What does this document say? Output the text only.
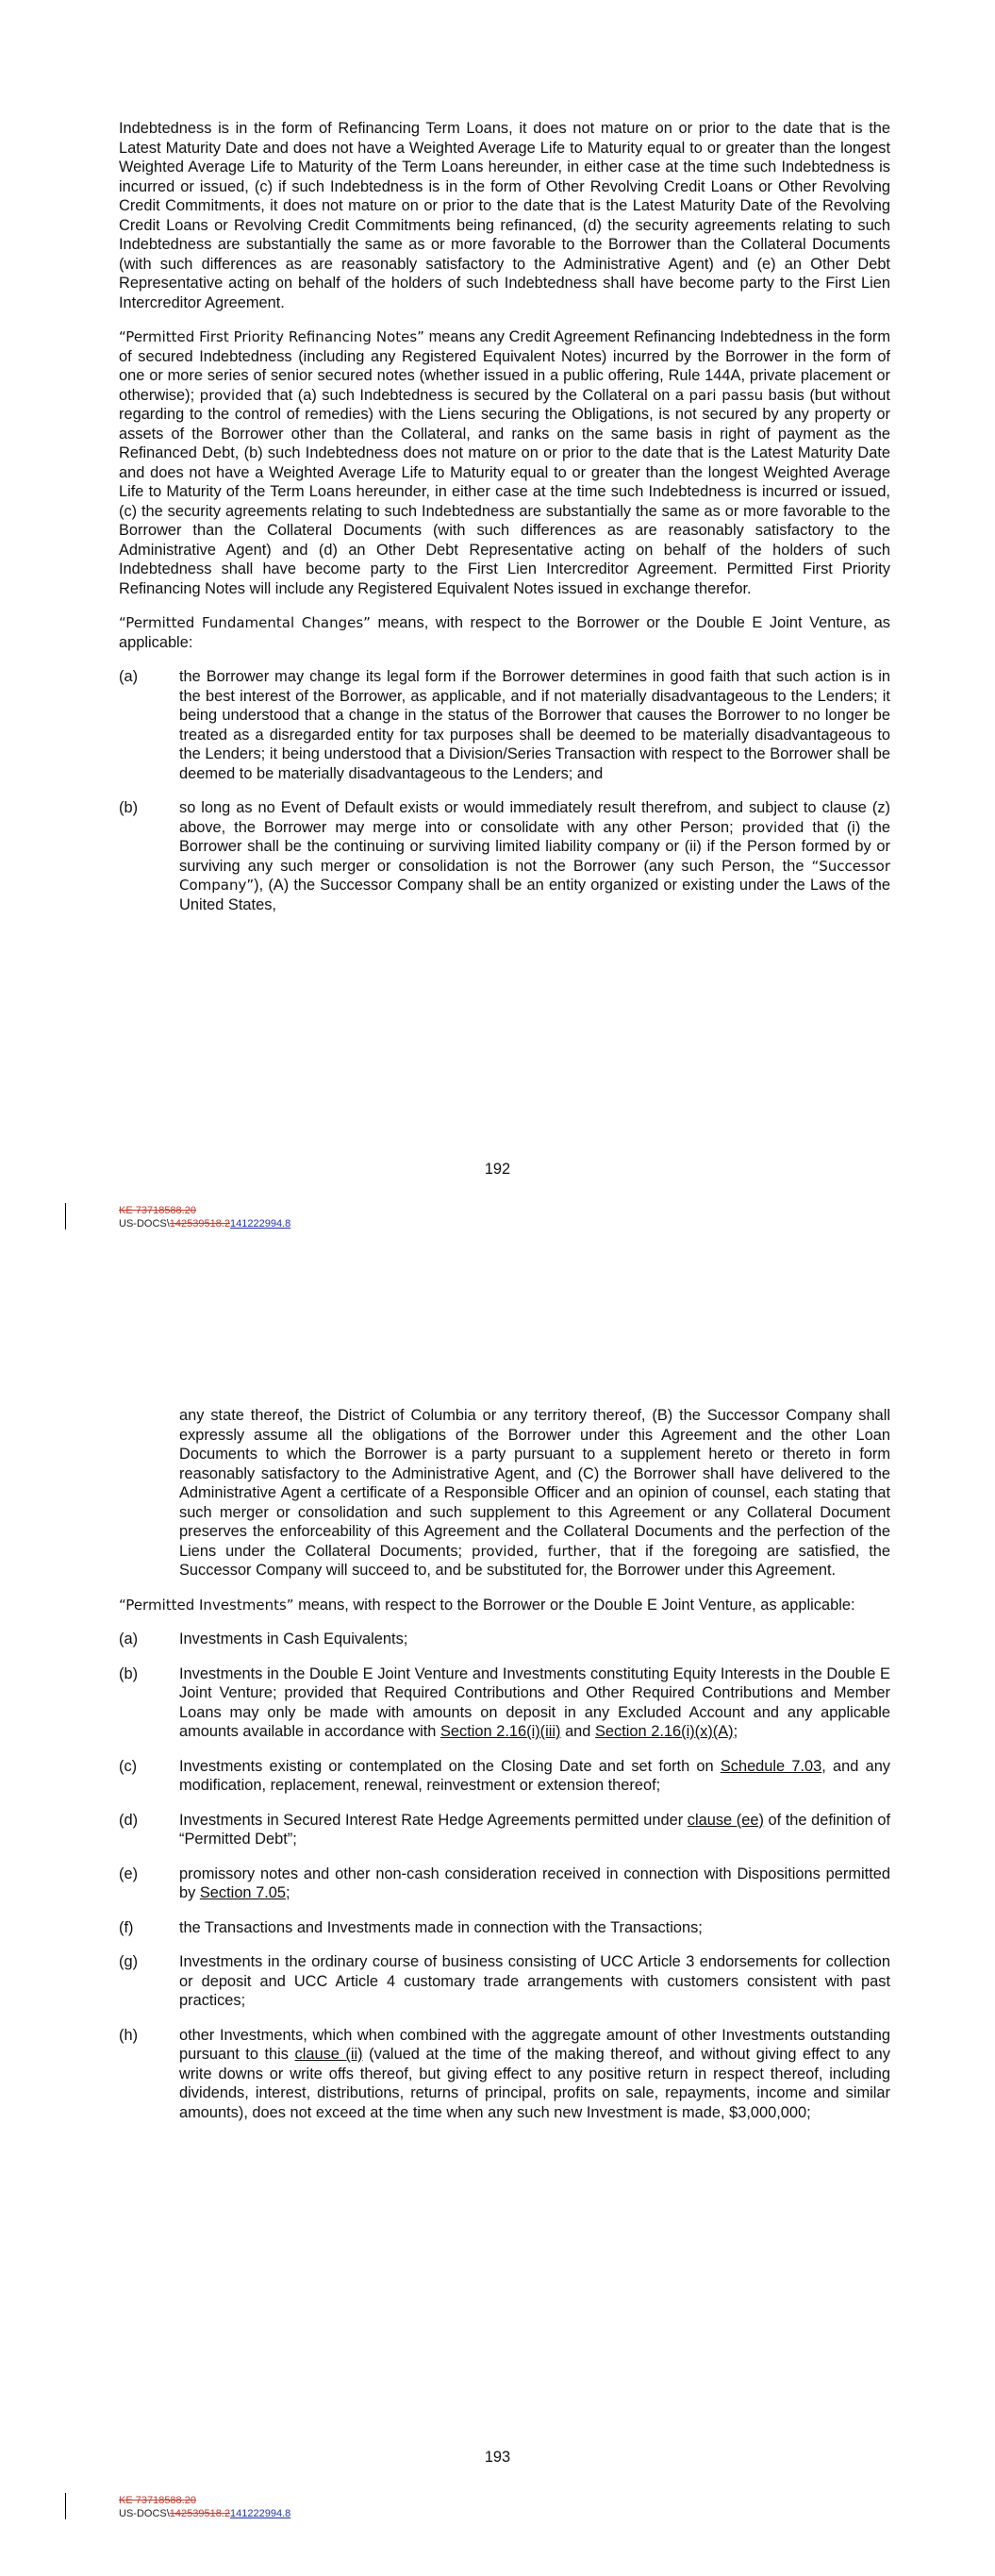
Indebtedness is in the form of Refinancing Term Loans, it does not mature on or prior to the date that is the Latest Maturity Date and does not have a Weighted Average Life to Maturity equal to or greater than the longest Weighted Average Life to Maturity of the Term Loans hereunder, in either case at the time such Indebtedness is incurred or issued, (c) if such Indebtedness is in the form of Other Revolving Credit Loans or Other Revolving Credit Commitments, it does not mature on or prior to the date that is the Latest Maturity Date of the Revolving Credit Loans or Revolving Credit Commitments being refinanced, (d) the security agreements relating to such Indebtedness are substantially the same as or more favorable to the Borrower than the Collateral Documents (with such differences as are reasonably satisfactory to the Administrative Agent) and (e) an Other Debt Representative acting on behalf of the holders of such Indebtedness shall have become party to the First Lien Intercreditor Agreement.

“Permitted First Priority Refinancing Notes” means any Credit Agreement Refinancing Indebtedness in the form of secured Indebtedness (including any Registered Equivalent Notes) incurred by the Borrower in the form of one or more series of senior secured notes (whether issued in a public offering, Rule 144A, private placement or otherwise); provided that (a) such Indebtedness is secured by the Collateral on a pari passu basis (but without regarding to the control of remedies) with the Liens securing the Obligations, is not secured by any property or assets of the Borrower other than the Collateral, and ranks on the same basis in right of payment as the Refinanced Debt, (b) such Indebtedness does not mature on or prior to the date that is the Latest Maturity Date and does not have a Weighted Average Life to Maturity equal to or greater than the longest Weighted Average Life to Maturity of the Term Loans hereunder, in either case at the time such Indebtedness is incurred or issued, (c) the security agreements relating to such Indebtedness are substantially the same as or more favorable to the Borrower than the Collateral Documents (with such differences as are reasonably satisfactory to the Administrative Agent) and (d) an Other Debt Representative acting on behalf of the holders of such Indebtedness shall have become party to the First Lien Intercreditor Agreement. Permitted First Priority Refinancing Notes will include any Registered Equivalent Notes issued in exchange therefor.

“Permitted Fundamental Changes” means, with respect to the Borrower or the Double E Joint Venture, as applicable:

(a)	the Borrower may change its legal form if the Borrower determines in good faith that such action is in the best interest of the Borrower, as applicable, and if not materially disadvantageous to the Lenders; it being understood that a change in the status of the Borrower that causes the Borrower to no longer be treated as a disregarded entity for tax purposes shall be deemed to be materially disadvantageous to the Lenders; it being understood that a Division/Series Transaction with respect to the Borrower shall be deemed to be materially disadvantageous to the Lenders; and
(b)	so long as no Event of Default exists or would immediately result therefrom, and subject to clause (z) above, the Borrower may merge into or consolidate with any other Person; provided that (i) the Borrower shall be the continuing or surviving limited liability company or (ii) if the Person formed by or surviving any such merger or consolidation is not the Borrower (any such Person, the “Successor Company”), (A) the Successor Company shall be an entity organized or existing under the Laws of the United States,
192
KE 73718588.20
US-DOCS\142539518.2141222994.8
any state thereof, the District of Columbia or any territory thereof, (B) the Successor Company shall expressly assume all the obligations of the Borrower under this Agreement and the other Loan Documents to which the Borrower is a party pursuant to a supplement hereto or thereto in form reasonably satisfactory to the Administrative Agent, and (C) the Borrower shall have delivered to the Administrative Agent a certificate of a Responsible Officer and an opinion of counsel, each stating that such merger or consolidation and such supplement to this Agreement or any Collateral Document preserves the enforceability of this Agreement and the Collateral Documents and the perfection of the Liens under the Collateral Documents; provided, further, that if the foregoing are satisfied, the Successor Company will succeed to, and be substituted for, the Borrower under this Agreement.

“Permitted Investments” means, with respect to the Borrower or the Double E Joint Venture, as applicable:

(a)	Investments in Cash Equivalents;
(b)	Investments in the Double E Joint Venture and Investments constituting Equity Interests in the Double E Joint Venture; provided that Required Contributions and Other Required Contributions and Member Loans may only be made with amounts on deposit in any Excluded Account and any applicable amounts available in accordance with Section 2.16(i)(iii) and Section 2.16(i)(x)(A);
(c)	Investments existing or contemplated on the Closing Date and set forth on Schedule 7.03, and any modification, replacement, renewal, reinvestment or extension thereof;
(d)	Investments in Secured Interest Rate Hedge Agreements permitted under clause (ee) of the definition of “Permitted Debt”;
(e)	promissory notes and other non-cash consideration received in connection with Dispositions permitted by Section 7.05;
(f)	the Transactions and Investments made in connection with the Transactions;
(g)	Investments in the ordinary course of business consisting of UCC Article 3 endorsements for collection or deposit and UCC Article 4 customary trade arrangements with customers consistent with past practices;
(h)	other Investments, which when combined with the aggregate amount of other Investments outstanding pursuant to this clause (ii) (valued at the time of the making thereof, and without giving effect to any write downs or write offs thereof, but giving effect to any positive return in respect thereof, including dividends, interest, distributions, returns of principal, profits on sale, repayments, income and similar amounts), does not exceed at the time when any such new Investment is made, $3,000,000;
193
KE 73718588.20
US-DOCS\142539518.2141222994.8
